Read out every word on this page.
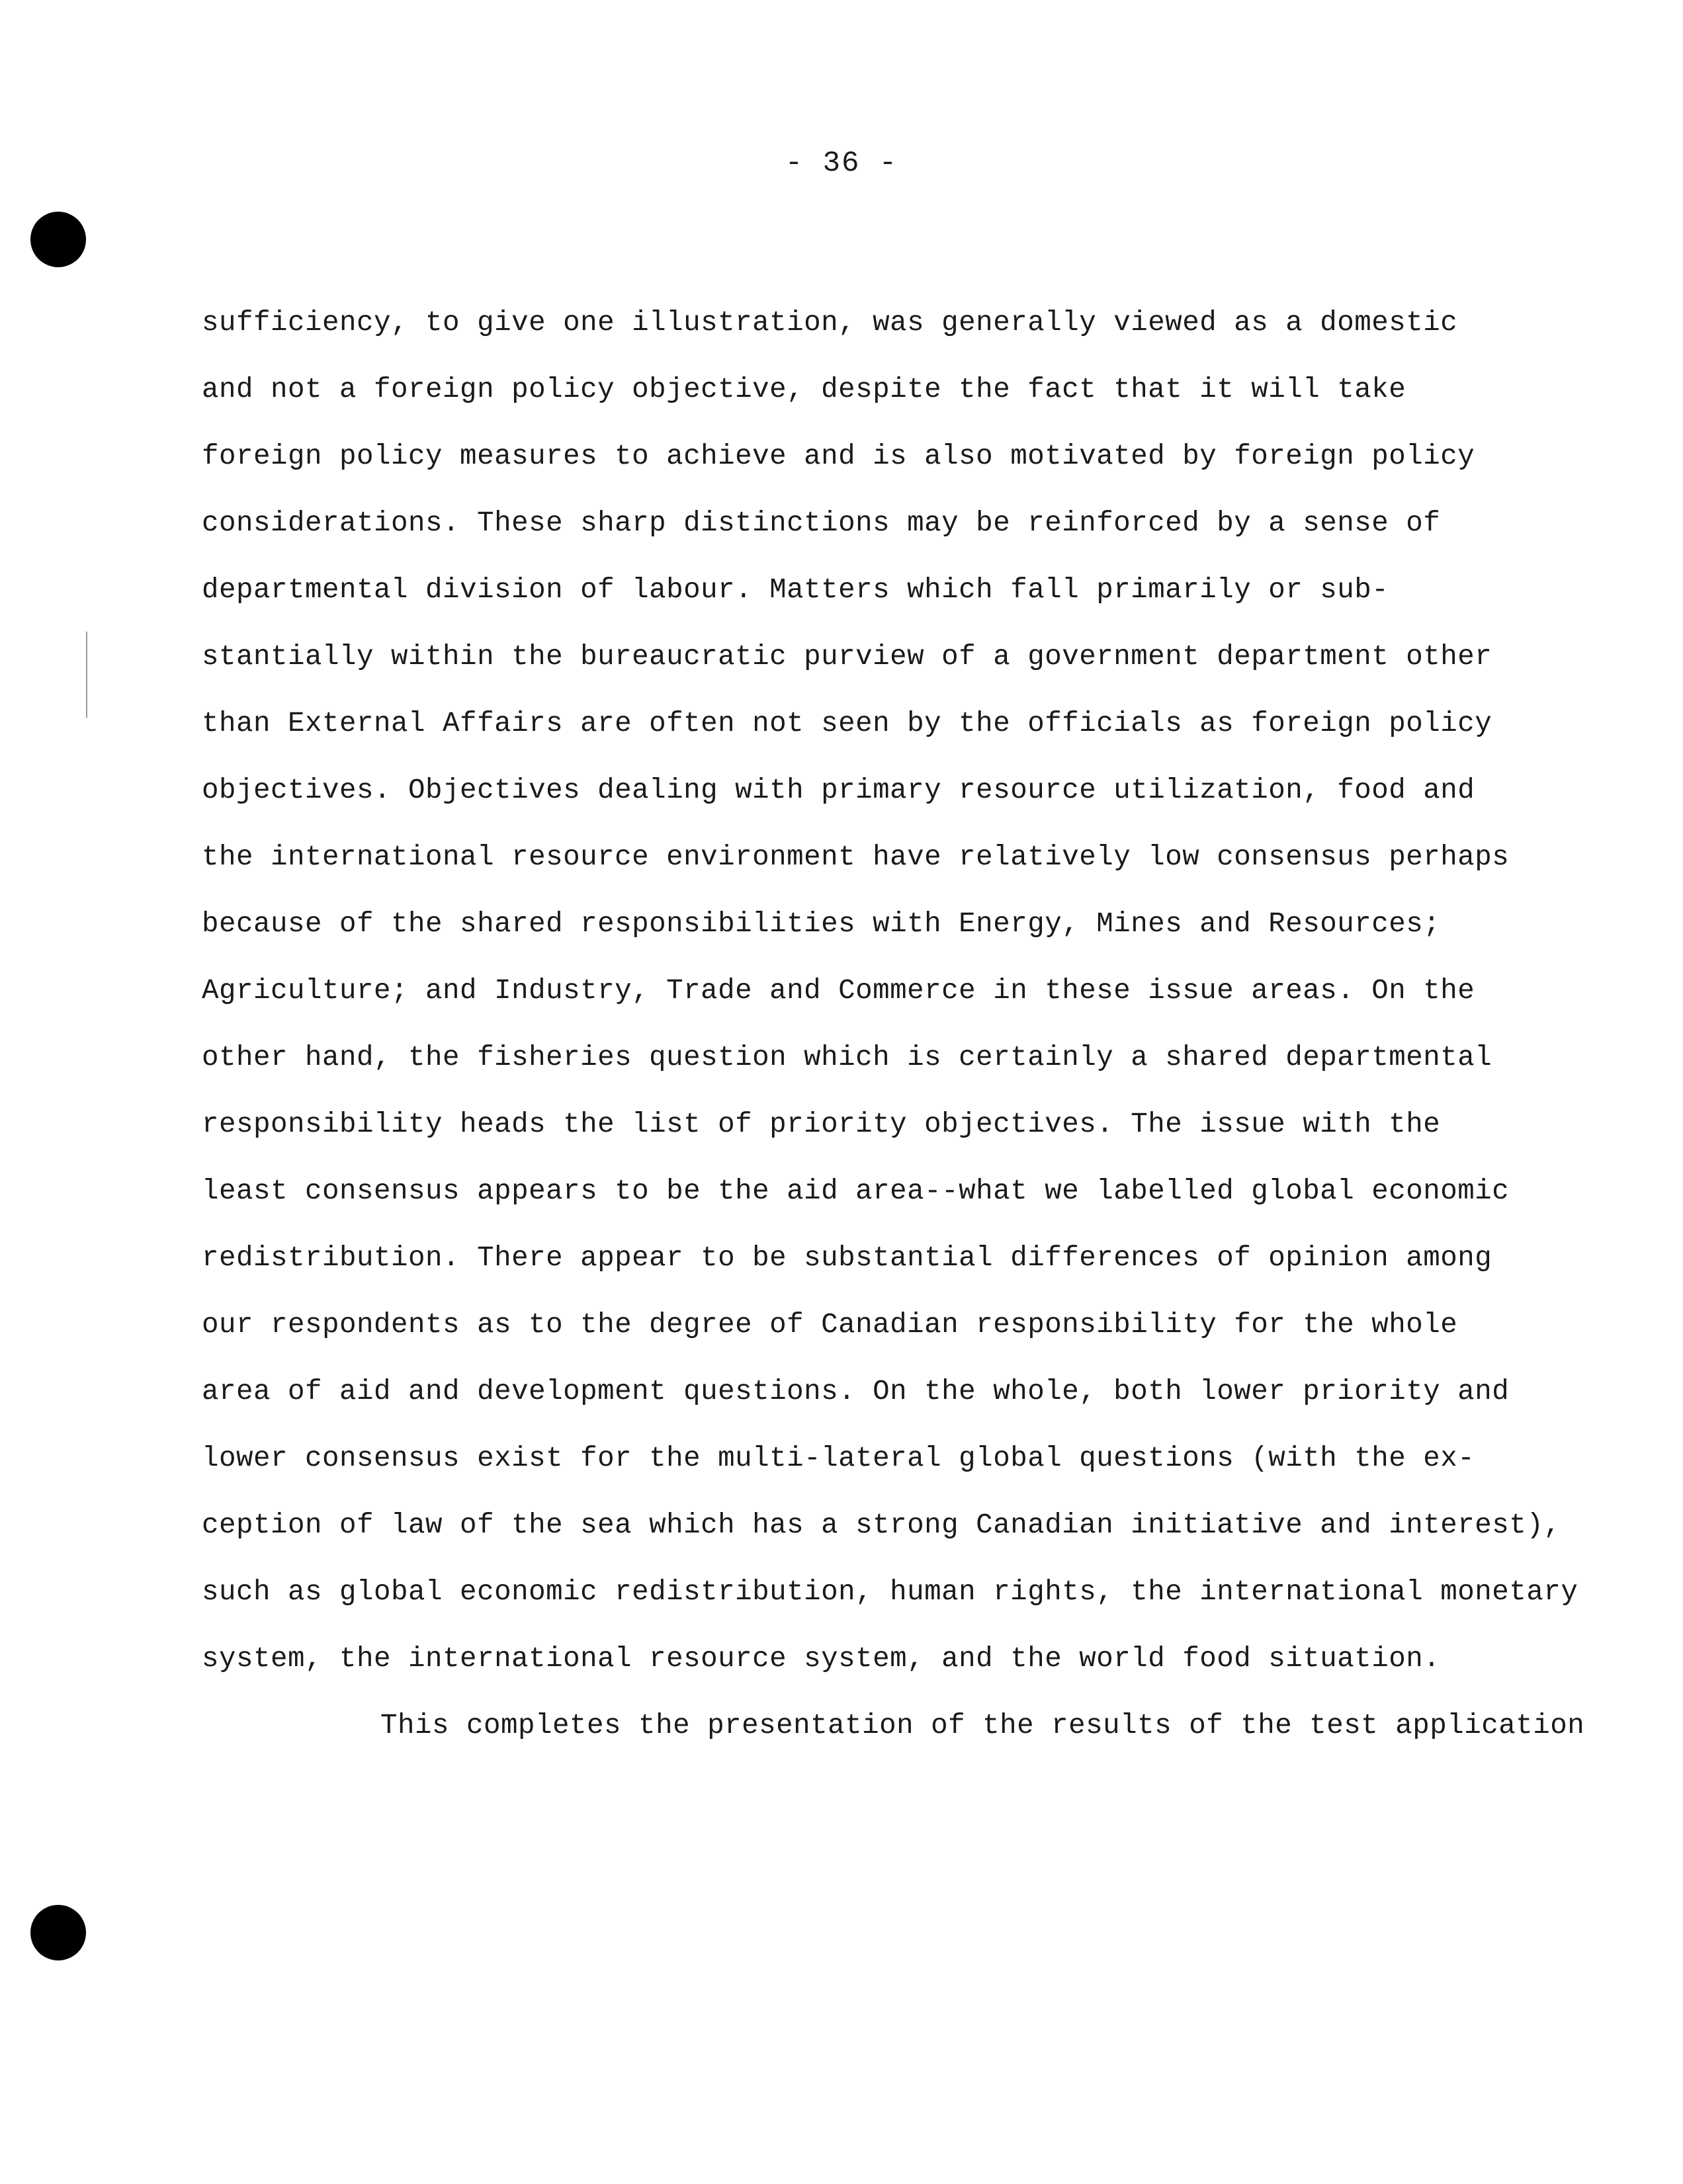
- 36 -
sufficiency, to give one illustration, was generally viewed as a domestic
and not a foreign policy objective, despite the fact that it will take
foreign policy measures to achieve and is also motivated by foreign policy
considerations. These sharp distinctions may be reinforced by a sense of
departmental division of labour. Matters which fall primarily or sub-
stantially within the bureaucratic purview of a government department other
than External Affairs are often not seen by the officials as foreign policy
objectives. Objectives dealing with primary resource utilization, food and
the international resource environment have relatively low consensus perhaps
because of the shared responsibilities with Energy, Mines and Resources;
Agriculture; and Industry, Trade and Commerce in these issue areas. On the
other hand, the fisheries question which is certainly a shared departmental
responsibility heads the list of priority objectives. The issue with the
least consensus appears to be the aid area--what we labelled global economic
redistribution. There appear to be substantial differences of opinion among
our respondents as to the degree of Canadian responsibility for the whole
area of aid and development questions. On the whole, both lower priority and
lower consensus exist for the multi-lateral global questions (with the ex-
ception of law of the sea which has a strong Canadian initiative and interest),
such as global economic redistribution, human rights, the international monetary
system, the international resource system, and the world food situation.
This completes the presentation of the results of the test application
